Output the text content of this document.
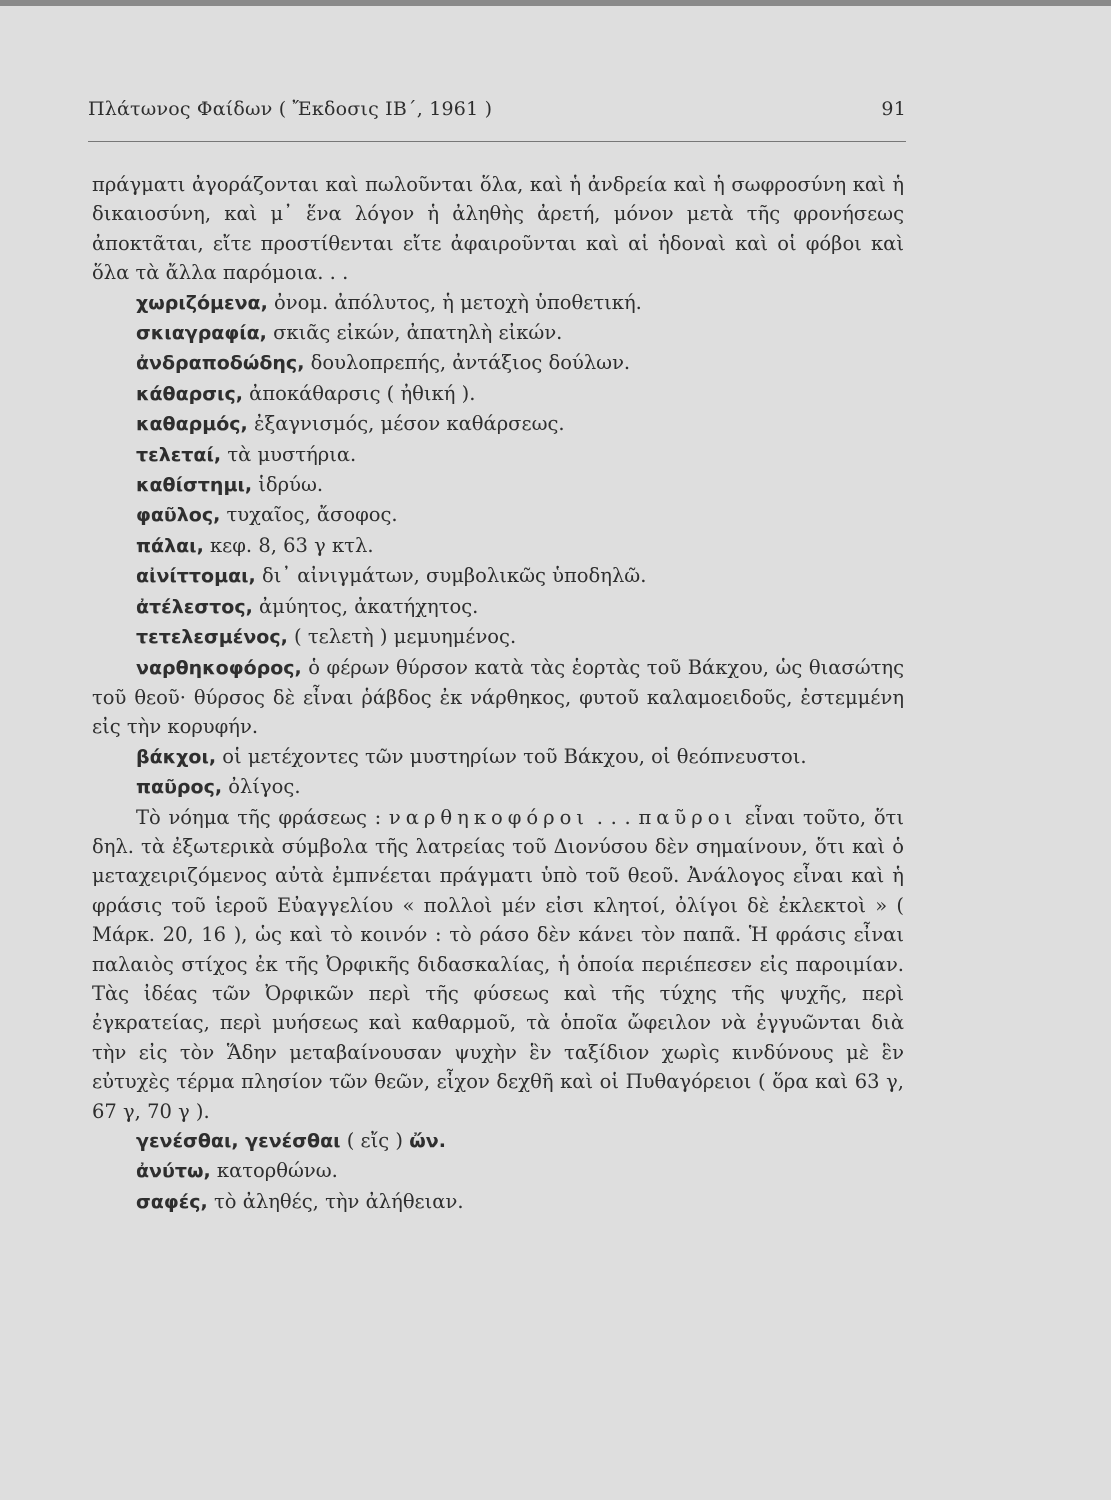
Πλάτωνος Φαίδων ( Ἔκδοσις ΙΒ΄, 1961 )	91

πράγματι ἀγοράζονται καὶ πωλοῦνται ὅλα, καὶ ἡ ἀνδρεία καὶ ἡ σωφροσύνη καὶ ἡ δικαιοσύνη, καὶ μ᾿ ἕνα λόγον ἡ ἀληθὴς ἀρετή, μόνον μετὰ τῆς φρονήσεως ἀποκτᾶται, εἴτε προστίθενται εἴτε ἀφαιροῦνται καὶ αἱ ἡδοναὶ καὶ οἱ φόβοι καὶ ὅλα τὰ ἄλλα παρόμοια. . .

χωριζόμενα, ὀνομ. ἀπόλυτος, ἡ μετοχὴ ὑποθετική.

σκιαγραφία, σκιᾶς εἰκών, ἀπατηλὴ εἰκών.

ἀνδραποδώδης, δουλοπρεπής, ἀντάξιος δούλων.

κάθαρσις, ἀποκάθαρσις ( ἠθική ).

καθαρμός, ἐξαγνισμός, μέσον καθάρσεως.

τελεταί, τὰ μυστήρια.

καθίστημι, ἱδρύω.

φαῦλος, τυχαῖος, ἄσοφος.

πάλαι, κεφ. 8, 63 γ κτλ.

αἰνίττομαι, δι᾿ αἰνιγμάτων, συμβολικῶς ὑποδηλῶ.

ἀτέλεστος, ἀμύητος, ἀκατήχητος.

τετελεσμένος, ( τελετὴ ) μεμυημένος.

ναρθηκοφόρος, ὁ φέρων θύρσον κατὰ τὰς ἑορτὰς τοῦ Βάκχου, ὡς θιασώτης τοῦ θεοῦ· θύρσος δὲ εἶναι ῥάβδος ἐκ νάρθηκος, φυτοῦ καλαμοειδοῦς, ἐστεμμένη εἰς τὴν κορυφήν.

βάκχοι, οἱ μετέχοντες τῶν μυστηρίων τοῦ Βάκχου, οἱ θεόπνευστοι.

παῦρος, ὀλίγος.

Τὸ νόημα τῆς φράσεως : ναρθηκοφόροι . . . παῦροι εἶναι τοῦτο, ὅτι δηλ. τὰ ἐξωτερικὰ σύμβολα τῆς λατρείας τοῦ Διονύσου δὲν σημαίνουν, ὅτι καὶ ὁ μεταχειριζόμενος αὐτὰ ἐμπνέεται πράγματι ὑπὸ τοῦ θεοῦ. Ἀνάλογος εἶναι καὶ ἡ φράσις τοῦ ἱεροῦ Εὐαγγελίου « πολλοὶ μέν εἰσι κλητοί, ὀλίγοι δὲ ἐκλεκτοὶ » ( Μάρκ. 20, 16 ), ὡς καὶ τὸ κοινόν : τὸ ράσο δὲν κάνει τὸν παπᾶ. Ἡ φράσις εἶναι παλαιὸς στίχος ἐκ τῆς Ὀρφικῆς διδασκαλίας, ἡ ὁποία περιέπεσεν εἰς παροιμίαν. Τὰς ἰδέας τῶν Ὀρφικῶν περὶ τῆς φύσεως καὶ τῆς τύχης τῆς ψυχῆς, περὶ ἐγκρατείας, περὶ μυήσεως καὶ καθαρμοῦ, τὰ ὁποῖα ὤφειλον νὰ ἐγγυῶνται διὰ τὴν εἰς τὸν Ἅδην μεταβαίνουσαν ψυχὴν ἓν ταξίδιον χωρὶς κινδύνους μὲ ἓν εὐτυχὲς τέρμα πλησίον τῶν θεῶν, εἶχον δεχθῆ καὶ οἱ Πυθαγόρειοι ( ὅρα καὶ 63 γ, 67 γ, 70 γ ).

γενέσθαι, γενέσθαι ( εἴς ) ὤν.

ἀνύτω, κατορθώνω.

σαφές, τὸ ἀληθές, τὴν ἀλήθειαν.
